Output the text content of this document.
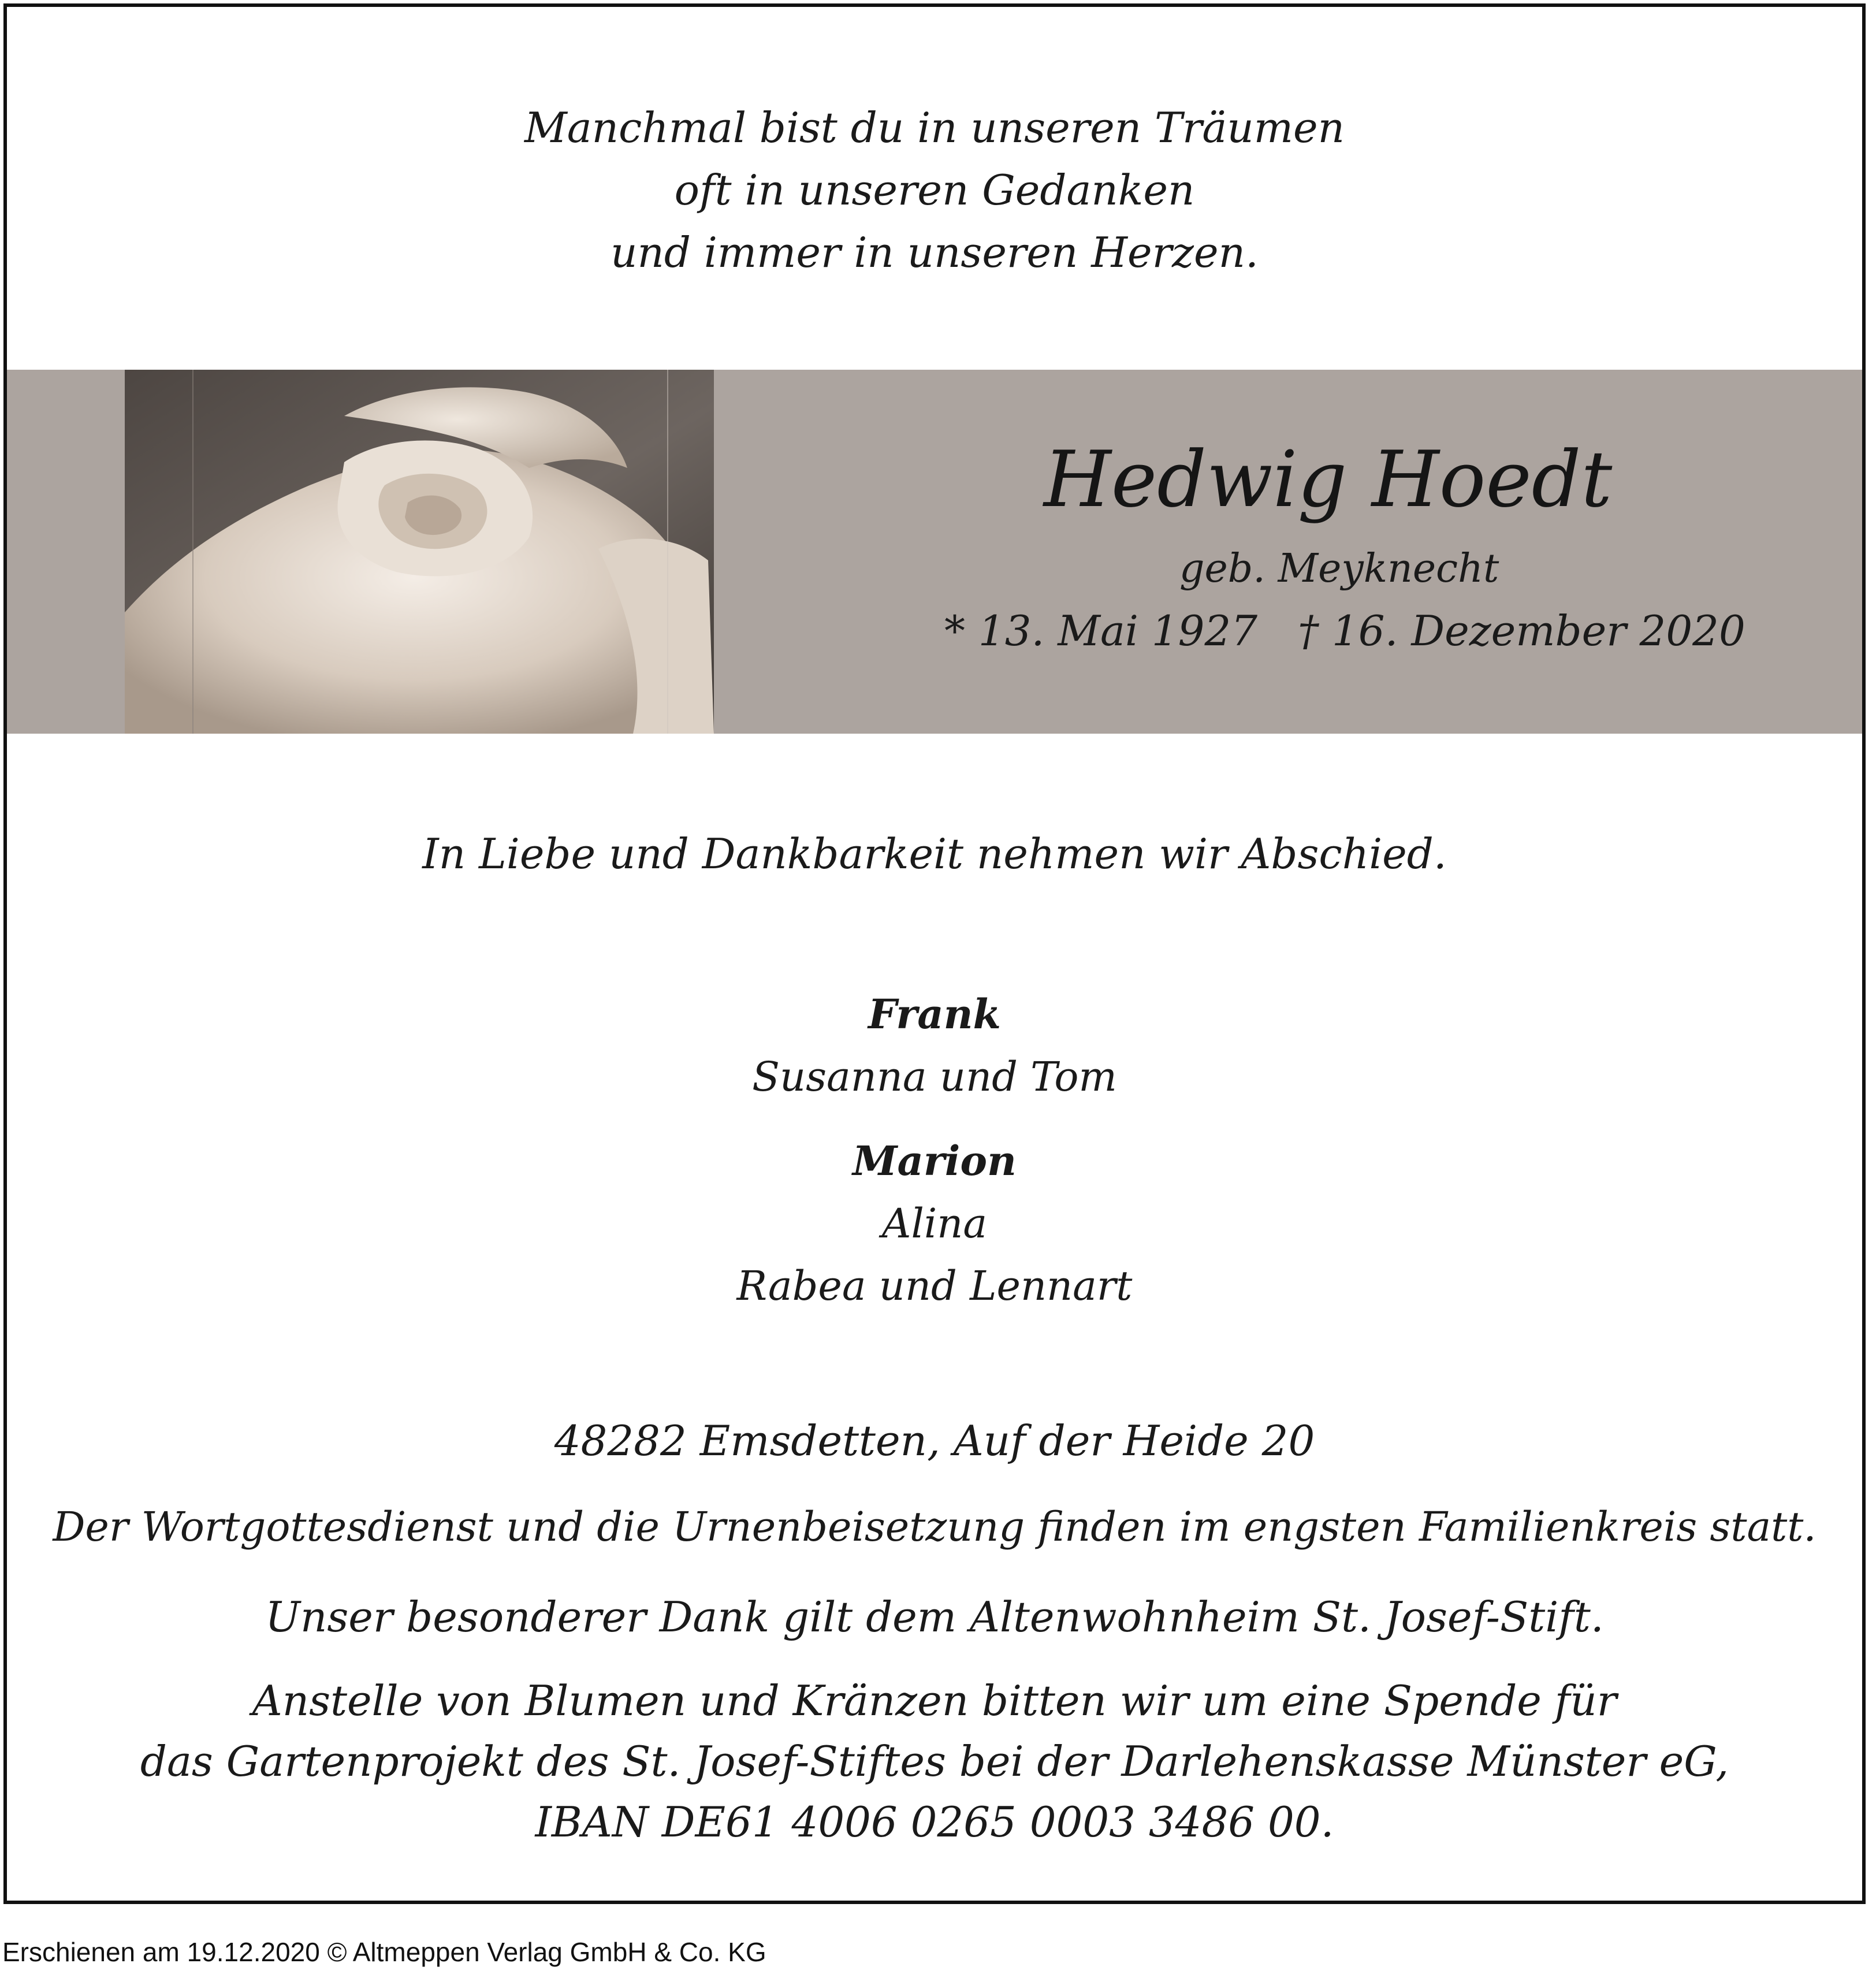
Manchmal bist du in unseren Träumen
oft in unseren Gedanken
und immer in unseren Herzen.
Hedwig Hoedt
geb. Meyknecht
* 13. Mai 1927 † 16. Dezember 2020
In Liebe und Dankbarkeit nehmen wir Abschied.
Frank
Susanna und Tom
Marion
Alina
Rabea und Lennart
48282 Emsdetten, Auf der Heide 20
Der Wortgottesdienst und die Urnenbeisetzung finden im engsten Familienkreis statt.
Unser besonderer Dank gilt dem Altenwohnheim St. Josef-Stift.
Anstelle von Blumen und Kränzen bitten wir um eine Spende für
das Gartenprojekt des St. Josef-Stiftes bei der Darlehenskasse Münster eG,
IBAN DE61 4006 0265 0003 3486 00.
Erschienen am 19.12.2020 © Altmeppen Verlag GmbH & Co. KG
